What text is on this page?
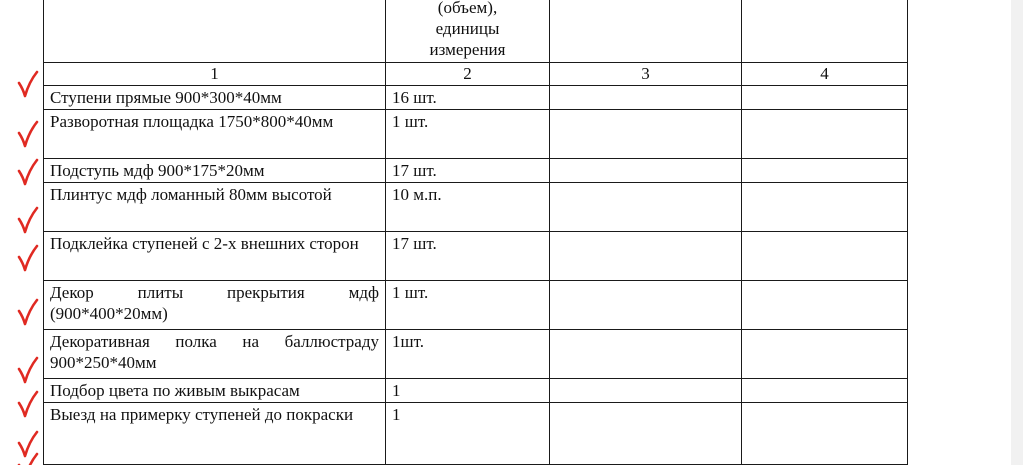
	(объем),
единицы
измерения		

1	2	3	4
Ступени прямые 900*300*40мм	16 шт.		
Разворотная площадка 1750*800*40мм	1 шт.		
Подступь мдф 900*175*20мм	17 шт.		
Плинтус мдф ломанный 80мм высотой	10 м.п.		
Подклейка ступеней с 2-х внешних сторон	17 шт.		
Декор плиты прекрытия мдф (900*400*20мм)	1 шт.		
Декоративная полка на баллюстраду 900*250*40мм	1шт.		
Подбор цвета по живым выкрасам	1		
Выезд на примерку ступеней до покраски	1		
